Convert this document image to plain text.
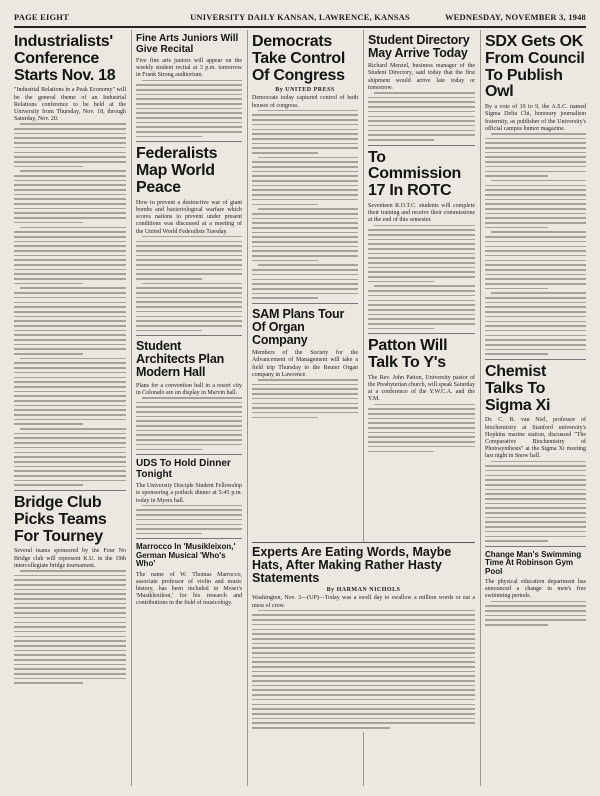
PAGE EIGHT	UNIVERSITY DAILY KANSAN, LAWRENCE, KANSAS	WEDNESDAY, NOVEMBER 3, 1948
Industrialists' Conference Starts Nov. 18
"Industrial Relations in a Peak Economy" will be the general theme of an Industrial Relations conference to be held at the University from Thursday, Nov. 18, through Saturday, Nov. 20.
Bridge Club Picks Teams For Tourney
Several teams sponsored by the Four No Bridge club will represent K.U. in the 19th intercollegiate bridge tournament.
Fine Arts Juniors Will Give Recital
Five fine arts juniors will appear on the weekly student recital at 3 p.m. tomorrow in Frank Strong auditorium.
Federalists Map World Peace
How to prevent a destructive war of giant bombs and bacteriological warfare which scores nations to prevent under present conditions was discussed at a meeting of the United World Federalists Tuesday.
Student Architects Plan Modern Hall
Plans for a convention hall in a resort city in Colorado are on display in Marvin hall.
UDS To Hold Dinner Tonight
The University Disciple Student Fellowship is sponsoring a potluck dinner at 5:45 p.m. today in Myers hall.
Marrocco In 'Musikleixon,' German Musical 'Who's Who'
The name of W. Thomas Marrocco, associate professor of violin and music history, has been included in Moser's 'Musiklexikon,' for his research and contributions in the field of musicology.
Democrats Take Control Of Congress
By UNITED PRESS
Democrats today captured control of both houses of congress.
SAM Plans Tour Of Organ Company
Members of the Society for the Advancement of Management will take a field trip Thursday to the Reuter Organ company in Lawrence.
Student Directory May Arrive Today
Richard Menzel, business manager of the Student Directory, said today that the first shipment would arrive late today or tomorrow.
To Commission 17 In ROTC
Seventeen R.O.T.C. students will complete their training and receive their commissions at the end of this semester.
Patton Will Talk To Y's
The Rev. John Patton, University pastor of the Presbyterian church, will speak Saturday at a conference of the Y.W.C.A. and the Y.M.
Experts Are Eating Words, Maybe Hats, After Making Rather Hasty Statements
By HARMAN NICHOLS
Washington, Nov. 3—(UP)—Today was a swell day to swallow a million words or eat a mess of crow.
SDX Gets OK From Council To Publish Owl
By a vote of 19 to 9, the A.S.C. named Sigma Delta Chi, honorary journalism fraternity, as publisher of the University's official campus humor magazine.
Chemist Talks To Sigma Xi
Dr. C. B. van Niel, professor of biochemistry at Stanford university's Hopkins marine station, discussed "The Comparative Biochemistry of Photosynthesis" at the Sigma Xi meeting last night in Snow hall.
Change Man's Swimming Time At Robinson Gym Pool
The physical education department has announced a change in men's free swimming periods.
